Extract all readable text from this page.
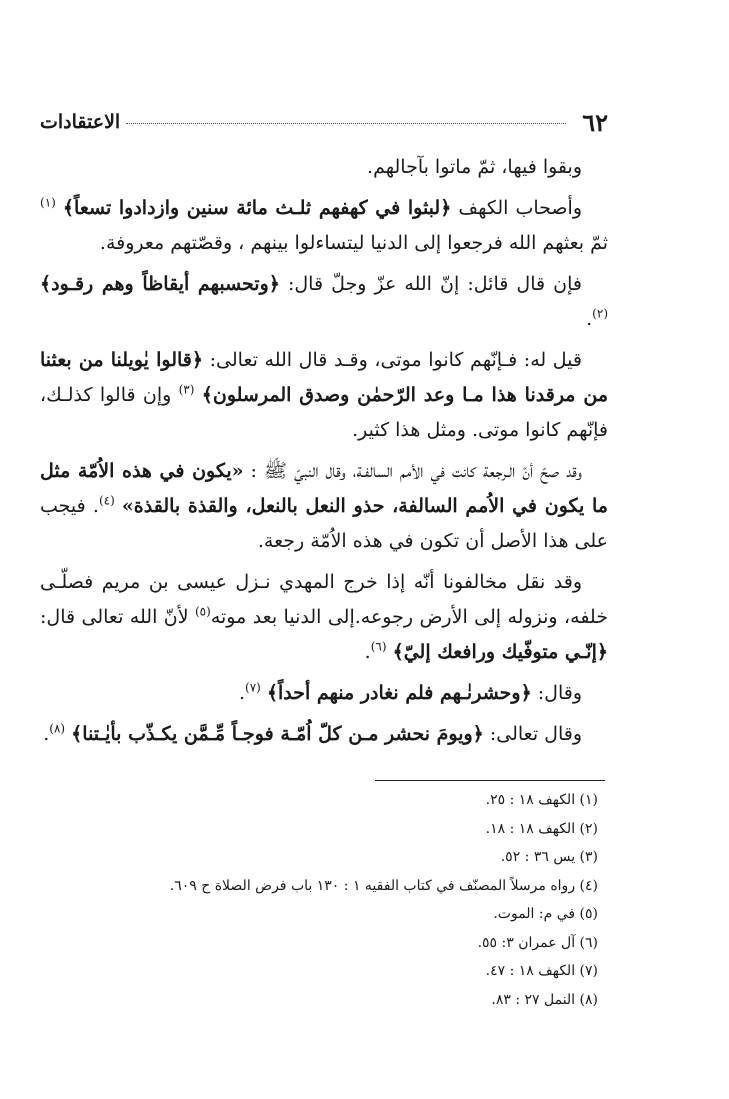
٦٢
الاعتقادات

وبقوا فيها، ثمّ ماتوا بآجالهم.

وأصحاب الكهف ﴿لبثوا في كهفهم ثلـث مائة سنين وازدادوا تسعاً﴾ $^{(١)}$ ثمّ بعثهم الله فرجعوا إلى الدنيا ليتساءلوا بينهم ، وقصّتهم معروفة.

فإن قال قائل: إنّ الله عزّ وجلّ قال: ﴿وتحسبهم أيقاظاً وهم رقـود﴾ $^{(٢)}$.

قيل له: فـإنّهم كانوا موتى، وقـد قال الله تعالى: ﴿قالوا يٰويلنا من بعثنا من مرقدنا هذا مـا وعد الرّحمٰن وصدق المرسلون﴾ $^{(٣)}$ وإن قالوا كذلـك، فإنّهم كانوا موتى. ومثل هذا كثير.

وقد صحّ أنّ الـرجعة كانت في الأمم السالفـة، وقال النبيّ ﷺ : «يكون في هذه الاُمّة مثل ما يكون في الاُمم السالفة، حذو النعل بالنعل، والقذة بالقذة» $^{(٤)}$. فيجب على هذا الأصل أن تكون في هذه الاُمّة رجعة.

وقد نقل مخالفونا أنّه إذا خرج المهدي نـزل عيسى بن مريم فصلّـى خلفه، ونزوله إلى الأرض رجوعه.إلى الدنيا بعد موته$^{(٥)}$ لأنّ الله تعالى قال: ﴿إنّـي متوفّيك ورافعك إليّ﴾ $^{(٦)}$.

وقال: ﴿وحشرنٰـهم فلم نغادر منهم أحداً﴾ $^{(٧)}$.

وقال تعالى: ﴿ويومَ نحشر مـن كلّ اُمّـة فوجـاً مِّـمَّن يكـذّب بأيٰـتنا﴾ $^{(٨)}$.

(١) الكهف ١٨ : ٢٥.

(٢) الكهف ١٨ : ١٨.

(٣) يس ٣٦ : ٥٢.

(٤) رواه مرسلاً المصنّف في كتاب الفقيه ١ : ١٣٠ باب فرض الصلاة ح ٦٠٩.

(٥) في م: الموت.

(٦) آل عمران ٣: ٥٥.

(٧) الكهف ١٨ : ٤٧.

(٨) النمل ٢٧ : ٨٣.
